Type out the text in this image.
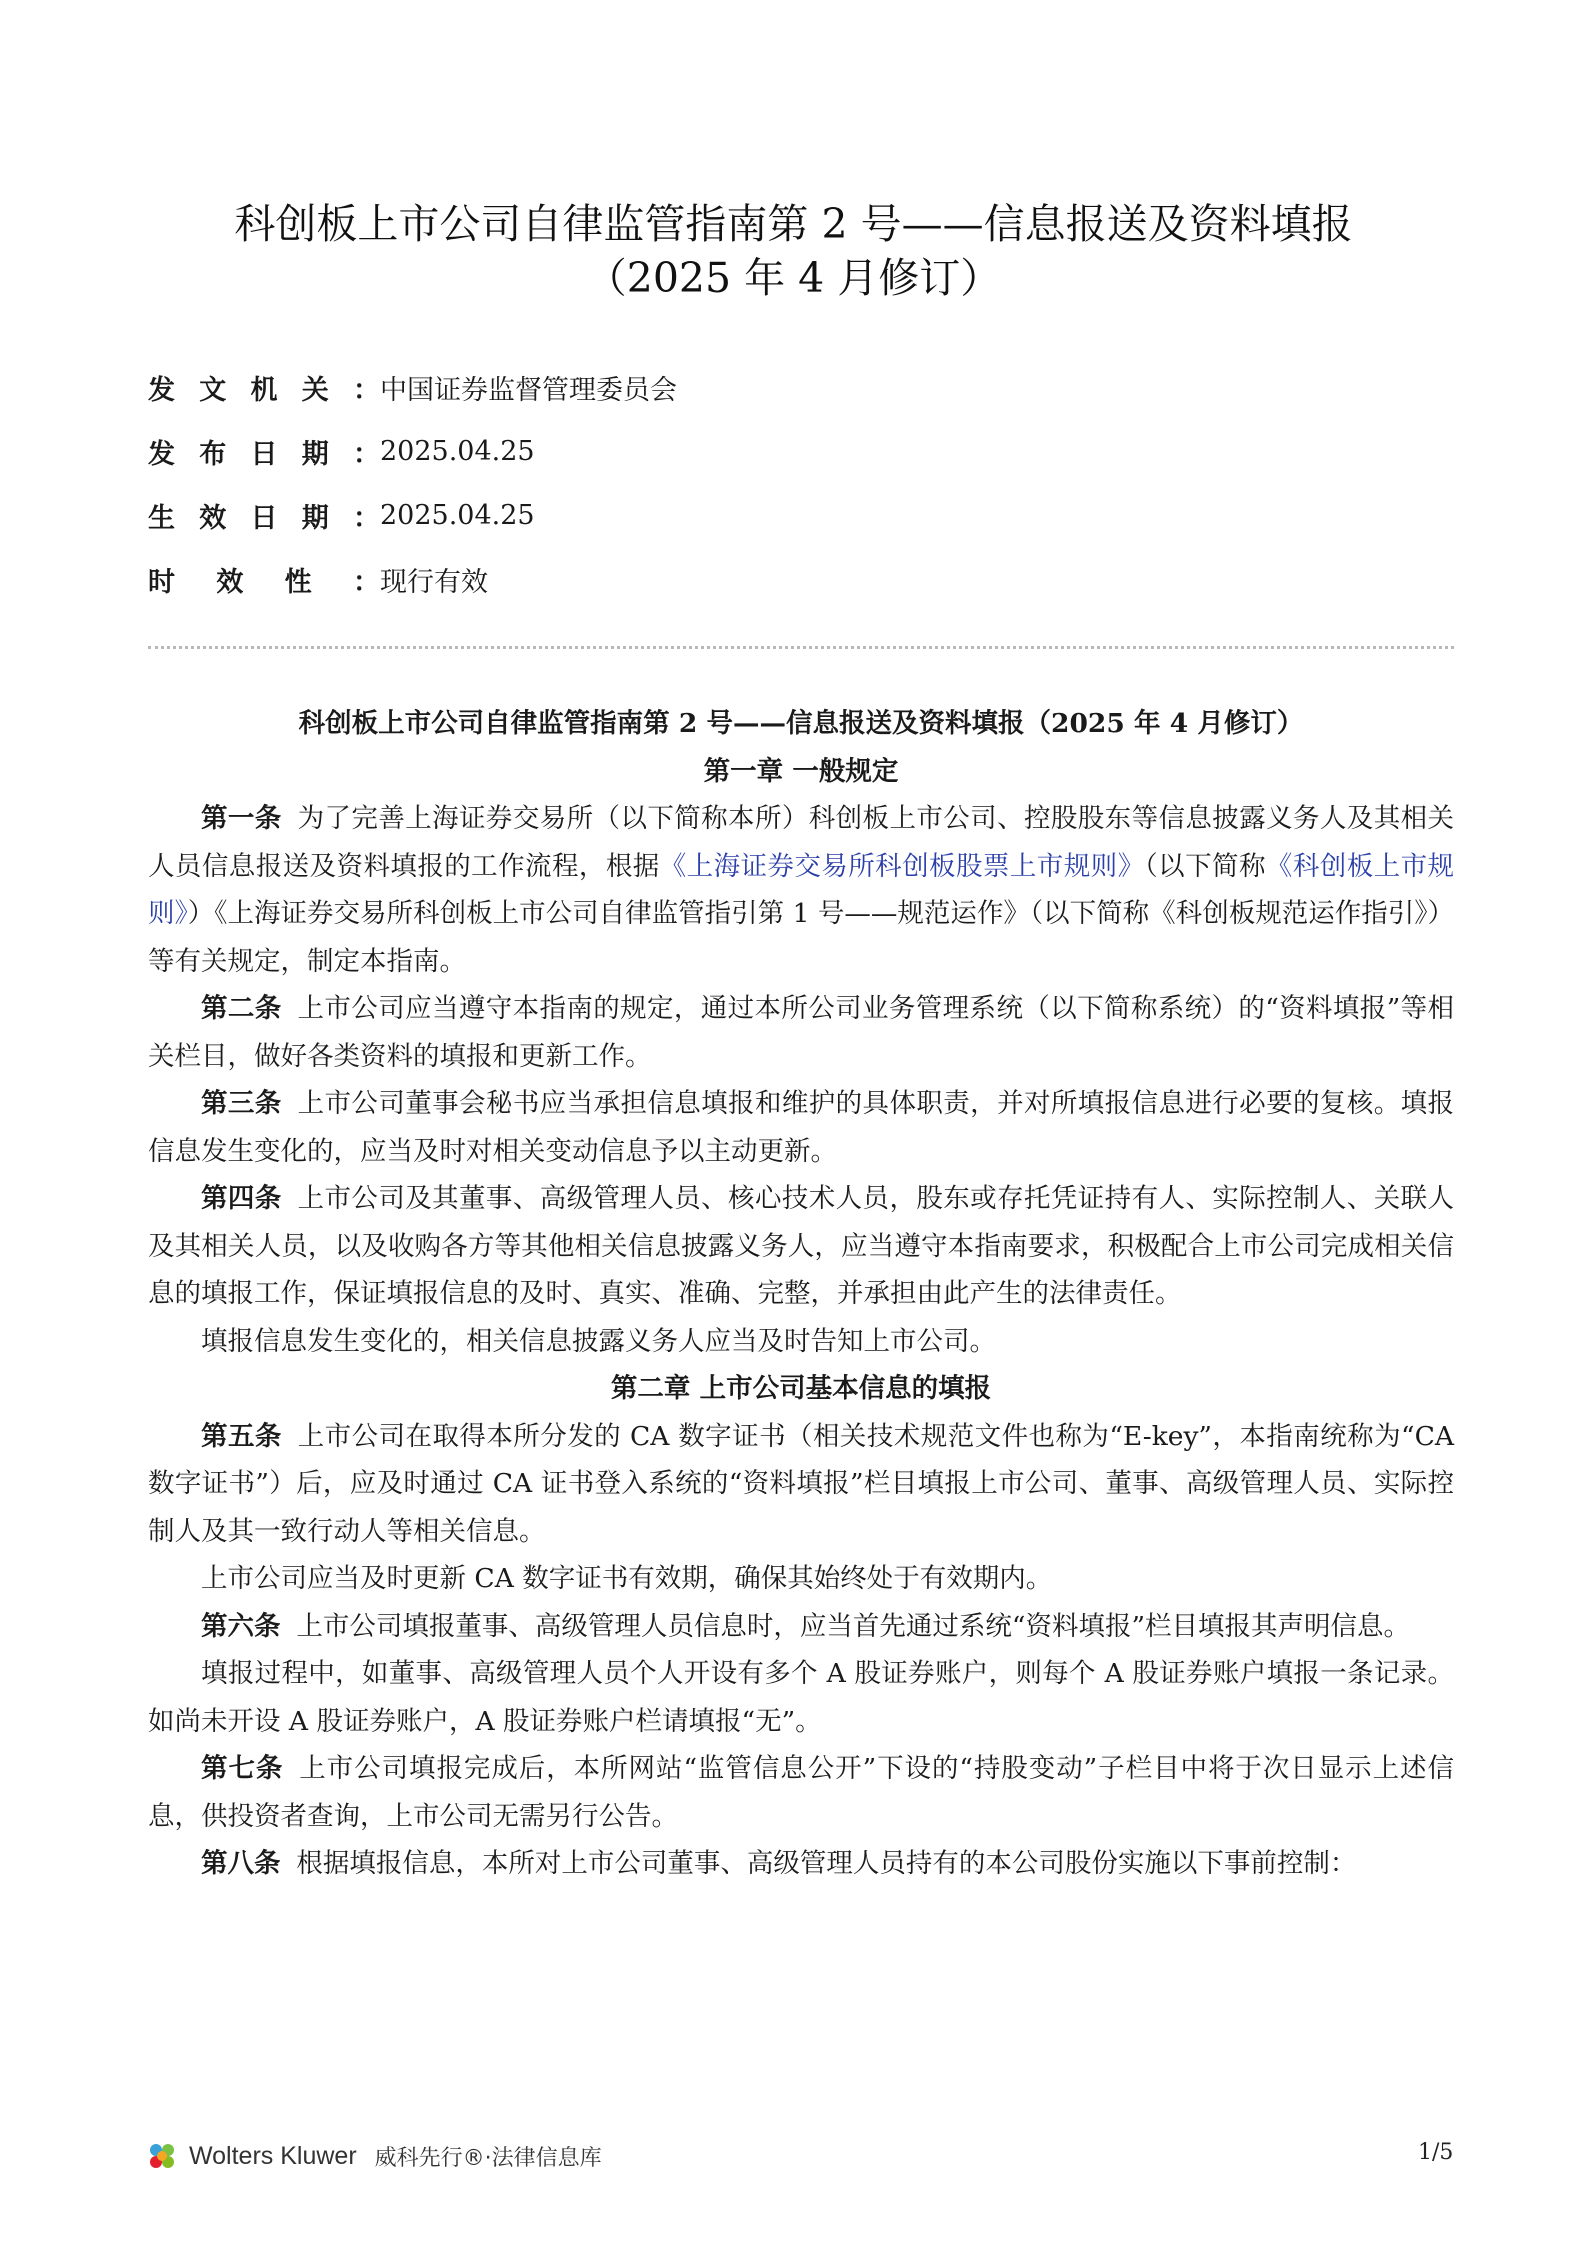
科创板上市公司自律监管指南第 2 号——信息报送及资料填报
（2025 年 4 月修订）
发 文 机 关 ： 中国证券监督管理委员会
发 布 日 期 ： 2025.04.25
生 效 日 期 ： 2025.04.25
时 效 性 ： 现行有效

科创板上市公司自律监管指南第 2 号——信息报送及资料填报（2025 年 4 月修订）

第一章 一般规定

第一条 为了完善上海证券交易所（以下简称本所）科创板上市公司、控股股东等信息披露义务人及其相关人员信息报送及资料填报的工作流程，根据《上海证券交易所科创板股票上市规则》（以下简称《科创板上市规则》）《上海证券交易所科创板上市公司自律监管指引第 1 号——规范运作》（以下简称《科创板规范运作指引》）等有关规定，制定本指南。

第二条 上市公司应当遵守本指南的规定，通过本所公司业务管理系统（以下简称系统）的“资料填报”等相关栏目，做好各类资料的填报和更新工作。

第三条 上市公司董事会秘书应当承担信息填报和维护的具体职责，并对所填报信息进行必要的复核。填报信息发生变化的，应当及时对相关变动信息予以主动更新。

第四条 上市公司及其董事、高级管理人员、核心技术人员，股东或存托凭证持有人、实际控制人、关联人及其相关人员，以及收购各方等其他相关信息披露义务人，应当遵守本指南要求，积极配合上市公司完成相关信息的填报工作，保证填报信息的及时、真实、准确、完整，并承担由此产生的法律责任。

填报信息发生变化的，相关信息披露义务人应当及时告知上市公司。

第二章 上市公司基本信息的填报

第五条 上市公司在取得本所分发的 CA 数字证书（相关技术规范文件也称为“E-key”，本指南统称为“CA 数字证书”）后，应及时通过 CA 证书登入系统的“资料填报”栏目填报上市公司、董事、高级管理人员、实际控制人及其一致行动人等相关信息。

上市公司应当及时更新 CA 数字证书有效期，确保其始终处于有效期内。

第六条 上市公司填报董事、高级管理人员信息时，应当首先通过系统“资料填报”栏目填报其声明信息。

填报过程中，如董事、高级管理人员个人开设有多个 A 股证券账户，则每个 A 股证券账户填报一条记录。如尚未开设 A 股证券账户，A 股证券账户栏请填报“无”。

第七条 上市公司填报完成后，本所网站“监管信息公开”下设的“持股变动”子栏目中将于次日显示上述信息，供投资者查询，上市公司无需另行公告。

第八条 根据填报信息，本所对上市公司董事、高级管理人员持有的本公司股份实施以下事前控制：

Wolters Kluwer 威科先行®·法律信息库	1/5
